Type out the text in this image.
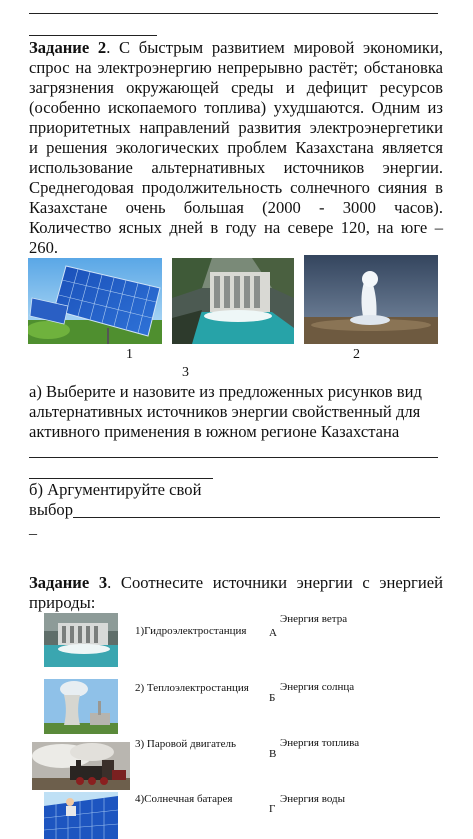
Задание 2. С быстрым развитием мировой экономики,
спрос на электроэнергию непрерывно растёт; обстановка
загрязнения окружающей среды и дефицит ресурсов
(особенно ископаемого топлива) ухудшаются. Одним из
приоритетных направлений развития электроэнергетики
и решения экологических проблем Казахстана является
использование альтернативных источников энергии.
Среднегодовая продолжительность солнечного сияния в
Казахстане очень большая (2000 - 3000 часов).
Количество ясных дней в году на севере 120, на юге –
260.
1	2
3
а) Выберите и назовите из предложенных рисунков вид
альтернативных источников энергии свойственный для
активного применения в южном регионе Казахстана
б) Аргументируйте свой
выбор
_
Задание 3. Соотнесите источники энергии с энергией
природы:
1)Гидроэлектростанция А
Энергия ветра
2) Теплоэлектростанция
Б
Энергия солнца
3) Паровой двигатель
В
Энергия топлива
4)Солнечная батарея
Г
Энергия воды
